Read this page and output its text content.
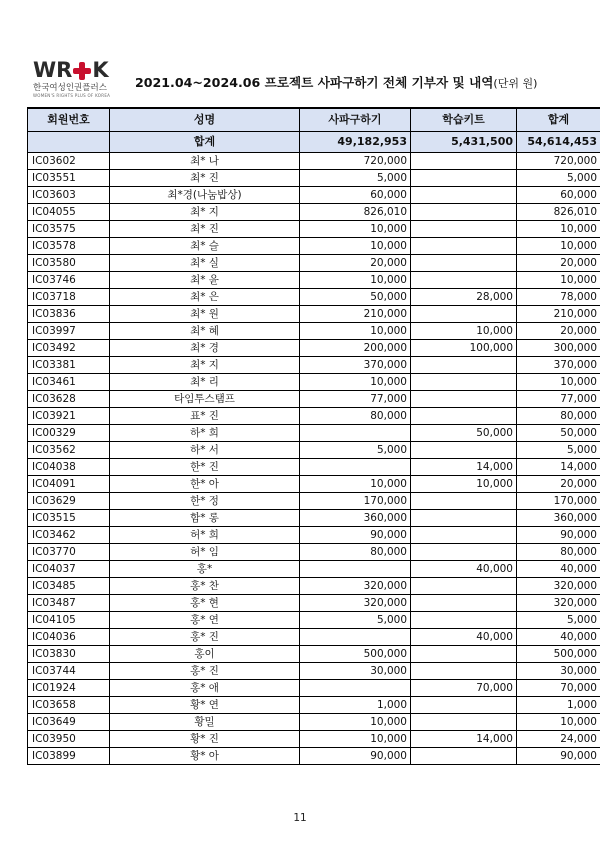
WR K
한국여성인권플러스
WOMEN'S RIGHTS PLUS OF KOREA
2021.04~2024.06 프로젝트 사파구하기 전체 기부자 및 내역(단위 원)
회원번호	성명	사파구하기	학습키트	합계
	합계	49,182,953	5,431,500	54,614,453
IC03602	최* 나	720,000		720,000
IC03551	최* 진	5,000		5,000
IC03603	최*경(나눔밥상)	60,000		60,000
IC04055	최* 지	826,010		826,010
IC03575	최* 진	10,000		10,000
IC03578	최* 슬	10,000		10,000
IC03580	최* 실	20,000		20,000
IC03746	최* 윤	10,000		10,000
IC03718	최* 은	50,000	28,000	78,000
IC03836	최* 원	210,000		210,000
IC03997	최* 혜	10,000	10,000	20,000
IC03492	최* 경	200,000	100,000	300,000
IC03381	최* 지	370,000		370,000
IC03461	최* 리	10,000		10,000
IC03628	타임투스탬프	77,000		77,000
IC03921	표* 진	80,000		80,000
IC00329	하* 희		50,000	50,000
IC03562	하* 서	5,000		5,000
IC04038	한* 진		14,000	14,000
IC04091	한* 아	10,000	10,000	20,000
IC03629	한* 정	170,000		170,000
IC03515	함* 롱	360,000		360,000
IC03462	허* 희	90,000		90,000
IC03770	허* 임	80,000		80,000
IC04037	홍*		40,000	40,000
IC03485	홍* 찬	320,000		320,000
IC03487	홍* 현	320,000		320,000
IC04105	홍* 연	5,000		5,000
IC04036	홍* 진		40,000	40,000
IC03830	홍이	500,000		500,000
IC03744	홍* 진	30,000		30,000
IC01924	홍* 애		70,000	70,000
IC03658	황* 연	1,000		1,000
IC03649	황밀	10,000		10,000
IC03950	황* 진	10,000	14,000	24,000
IC03899	황* 아	90,000		90,000
11
